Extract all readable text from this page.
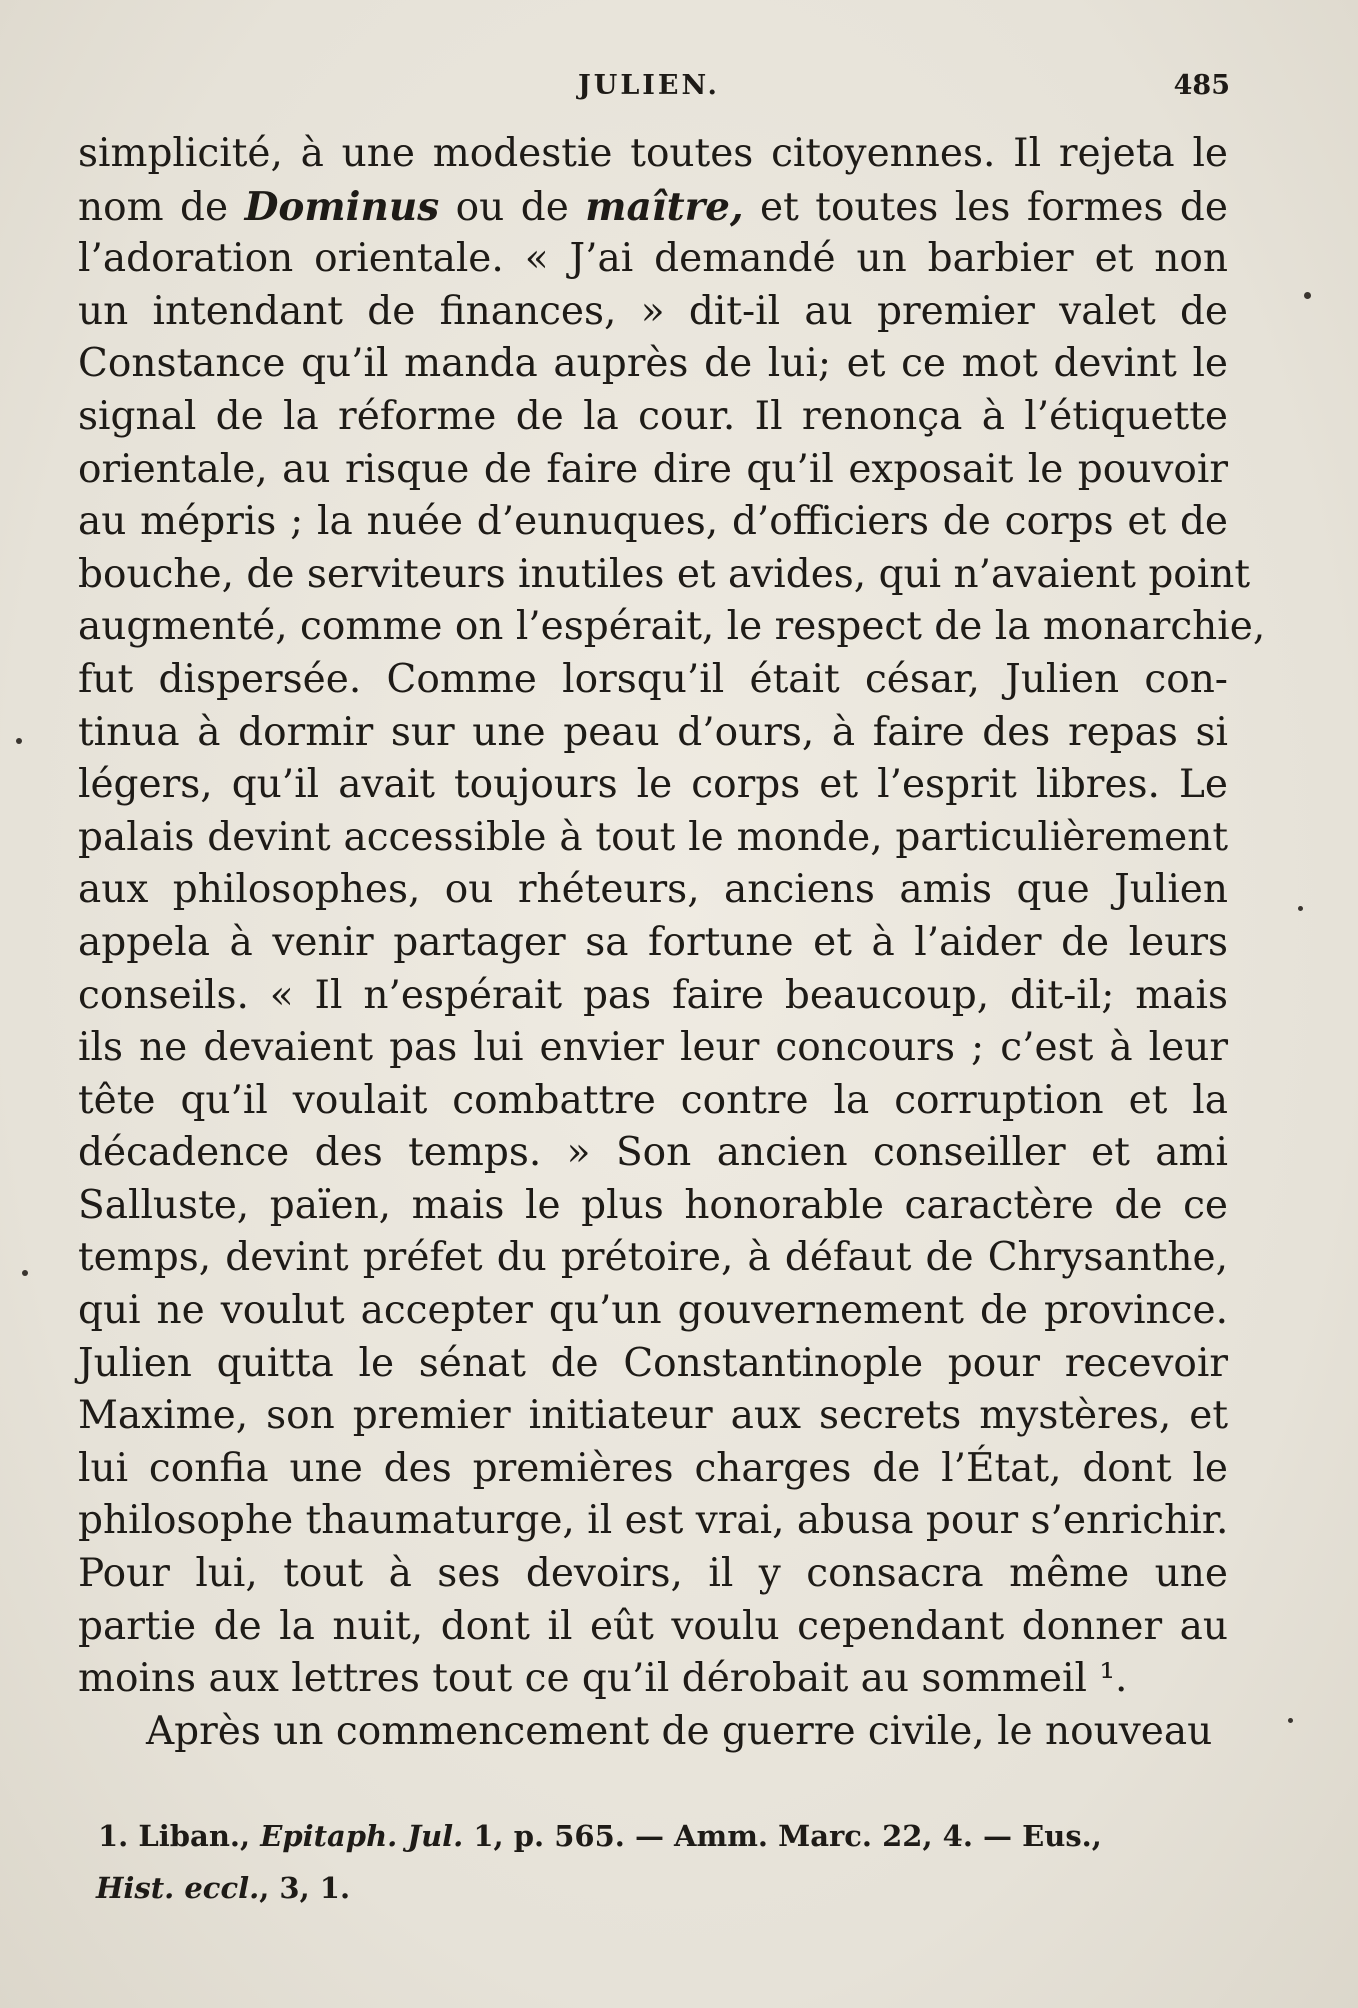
JULIEN.	485
simplicité, à une modestie toutes citoyennes. Il rejeta le
nom de Dominus ou de maître, et toutes les formes de
l’adoration orientale. « J’ai demandé un barbier et non
un intendant de finances, » dit-il au premier valet de
Constance qu’il manda auprès de lui; et ce mot devint le
signal de la réforme de la cour. Il renonça à l’étiquette
orientale, au risque de faire dire qu’il exposait le pouvoir
au mépris ; la nuée d’eunuques, d’officiers de corps et de
bouche, de serviteurs inutiles et avides, qui n’avaient point
augmenté, comme on l’espérait, le respect de la monarchie,
fut dispersée. Comme lorsqu’il était césar, Julien con-
tinua à dormir sur une peau d’ours, à faire des repas si
légers, qu’il avait toujours le corps et l’esprit libres. Le
palais devint accessible à tout le monde, particulièrement
aux philosophes, ou rhéteurs, anciens amis que Julien
appela à venir partager sa fortune et à l’aider de leurs
conseils. « Il n’espérait pas faire beaucoup, dit-il; mais
ils ne devaient pas lui envier leur concours ; c’est à leur
tête qu’il voulait combattre contre la corruption et la
décadence des temps. » Son ancien conseiller et ami
Salluste, païen, mais le plus honorable caractère de ce
temps, devint préfet du prétoire, à défaut de Chrysanthe,
qui ne voulut accepter qu’un gouvernement de province.
Julien quitta le sénat de Constantinople pour recevoir
Maxime, son premier initiateur aux secrets mystères, et
lui confia une des premières charges de l’État, dont le
philosophe thaumaturge, il est vrai, abusa pour s’enrichir.
Pour lui, tout à ses devoirs, il y consacra même une
partie de la nuit, dont il eût voulu cependant donner au
moins aux lettres tout ce qu’il dérobait au sommeil ¹.
Après un commencement de guerre civile, le nouveau
1. Liban., Epitaph. Jul. 1, p. 565. — Amm. Marc. 22, 4. — Eus.,
Hist. eccl., 3, 1.
